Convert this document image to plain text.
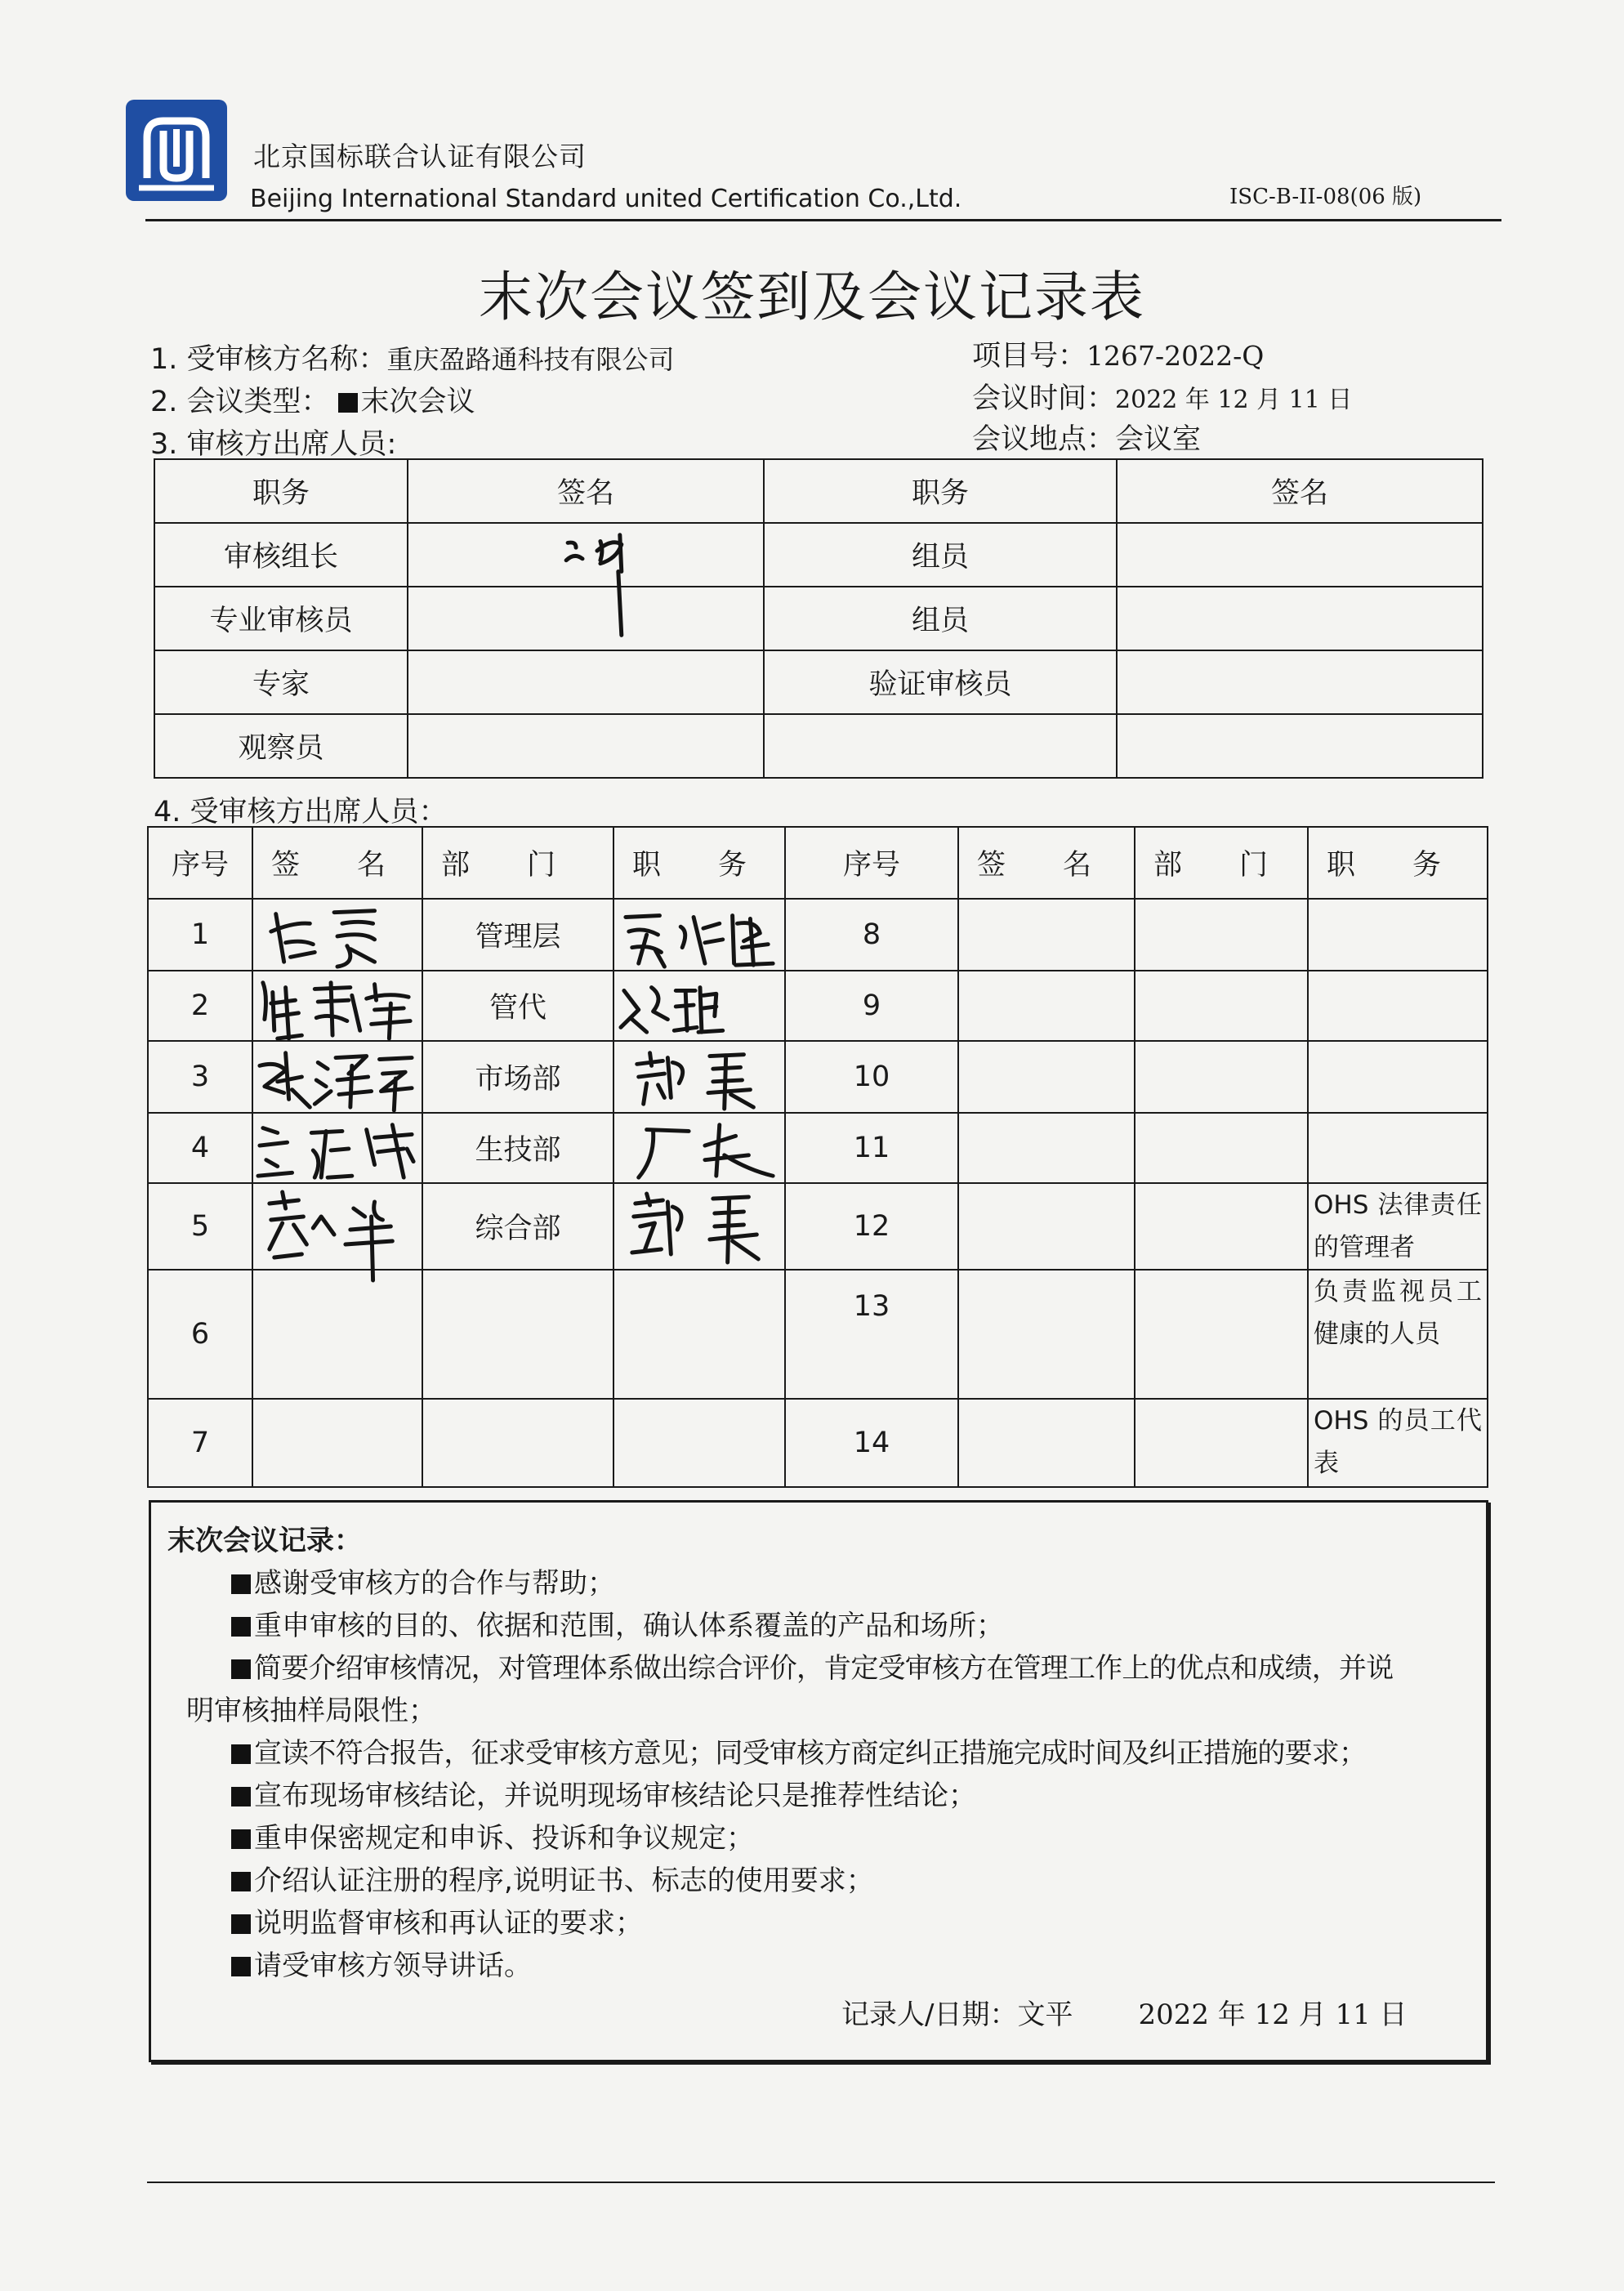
北京国标联合认证有限公司
Beijing International Standard united Certification Co.,Ltd.	ISC-B-II-08(06 版)
末次会议签到及会议记录表
1. 受审核方名称：重庆盈路通科技有限公司
2. 会议类型： 末次会议
3. 审核方出席人员:
项目号：1267-2022-Q
会议时间：2022 年 12 月 11 日
会议地点：会议室
职务	签名	职务	签名
审核组长		组员	
专业审核员		组员	
专家		验证审核员	
观察员			
4. 受审核方出席人员：
序号	签　　名	部　　门	职　　务	序号	签　　名	部　　门	职　　务
1		管理层		8			
2		管代		9			
3		市场部		10			
4		生技部		11			
5		综合部		12			OHS 法律责任的管理者
6				13			负责监视员工健康的人员
7				14			OHS 的员工代表
末次会议记录：
感谢受审核方的合作与帮助；
重申审核的目的、依据和范围，确认体系覆盖的产品和场所；
简要介绍审核情况，对管理体系做出综合评价，肯定受审核方在管理工作上的优点和成绩，并说
明审核抽样局限性；
宣读不符合报告，征求受审核方意见；同受审核方商定纠正措施完成时间及纠正措施的要求；
宣布现场审核结论，并说明现场审核结论只是推荐性结论；
重申保密规定和申诉、投诉和争议规定；
介绍认证注册的程序,说明证书、标志的使用要求；
说明监督审核和再认证的要求；
请受审核方领导讲话。
记录人/日期：文平 2022 年 12 月 11 日
